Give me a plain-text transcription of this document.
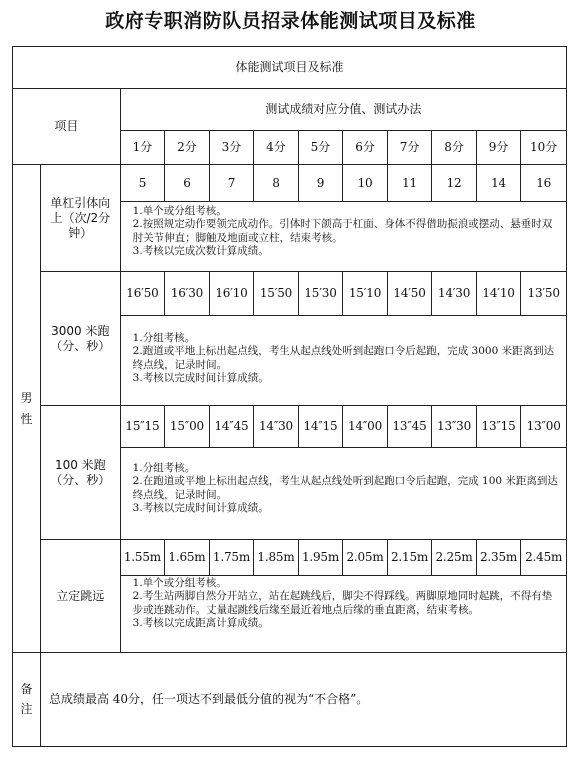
政府专职消防队员招录体能测试项目及标准
体能测试项目及标准											
项目		测试成绩对应分值、测试办法									
		1分	2分	3分	4分	5分	6分	7分	8分	9分	10分

男
性	单杠引体向上（次/2分钟）	5	6	7	8	9	10	11	12	14	16

		1.单个或分组考核。
2.按照规定动作要领完成动作。引体时下颌高于杠面、身体不得借助振浪或摆动、悬垂时双肘关节伸直；脚触及地面或立柱，结束考核。
3.考核以完成次数计算成绩。									

	3000 米跑（分、秒）	16′50	16′30	16′10	15′50	15′30	15′10	14′50	14′30	14′10	13′50

		1.分组考核。
2.跑道或平地上标出起点线，考生从起点线处听到起跑口令后起跑，完成 3000 米距离到达终点线，记录时间。
3.考核以完成时间计算成绩。									

	100 米跑（分、秒）	15″15	15″00	14″45	14″30	14″15	14″00	13″45	13″30	13″15	13″00

		1.分组考核。
2.在跑道或平地上标出起点线，考生从起点线处听到起跑口令后起跑，完成 100 米距离到达终点线，记录时间。
3.考核以完成时间计算成绩。									

	立定跳远	1.55m	1.65m	1.75m	1.85m	1.95m	2.05m	2.15m	2.25m	2.35m	2.45m

		1.单个或分组考核。
2.考生站两脚自然分开站立，站在起跳线后，脚尖不得踩线。两脚原地同时起跳，不得有垫步或连跳动作。丈量起跳线后缘至最近着地点后缘的垂直距离，结束考核。
3.考核以完成距离计算成绩。									

备
注	总成绩最高 40分，任一项达不到最低分值的视为“不合格”。										
